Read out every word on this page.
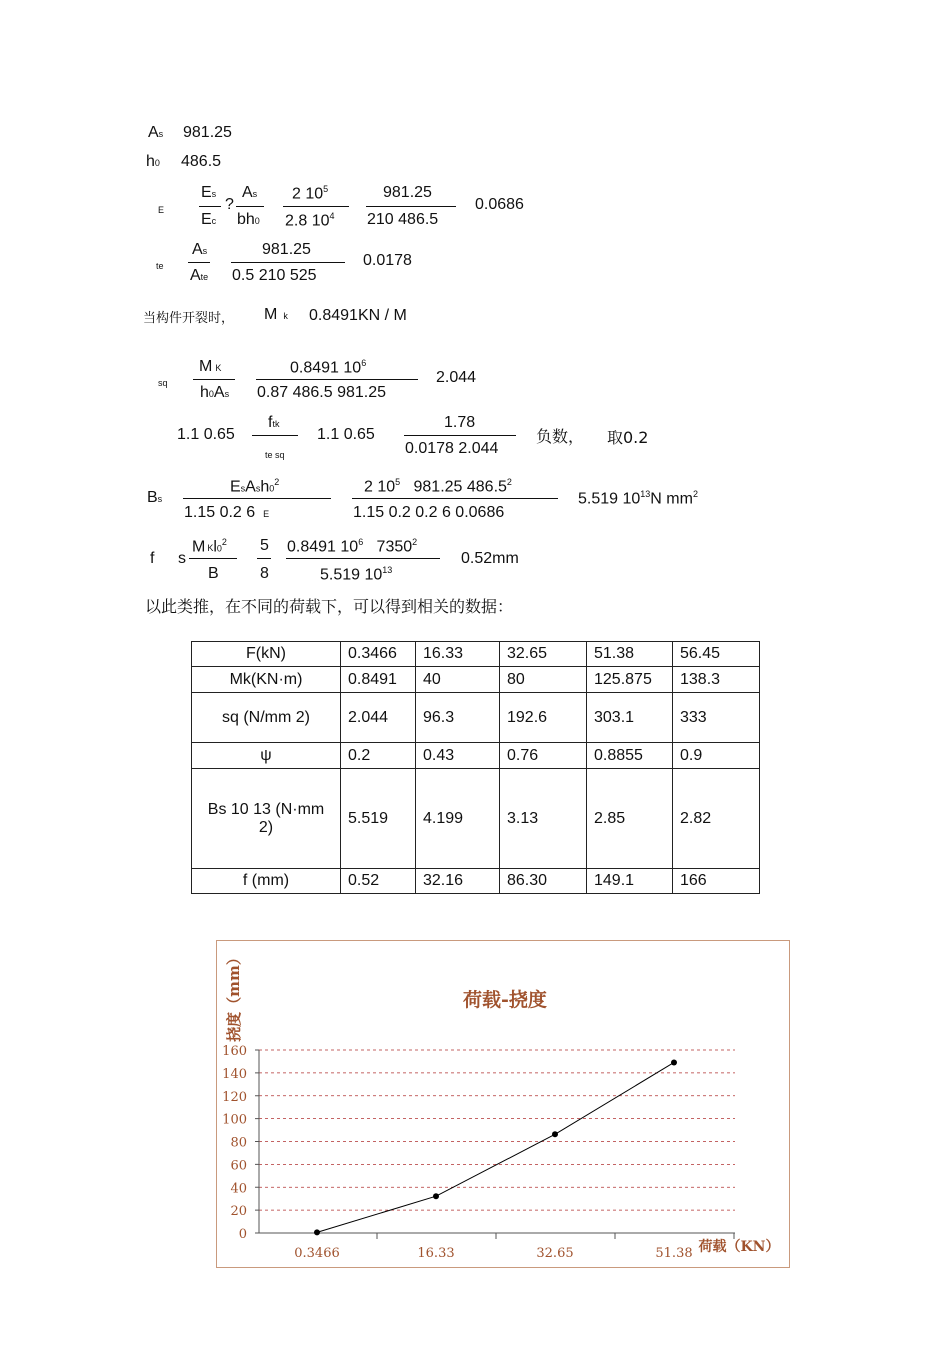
As 981.25
h0 486.5
E
Es
Ec
?
As
bh0
2 $10^5$
2.8 $10^4$
981.25
210 486.5
0.0686
te
As
Ate
981.25
0.5 210 525
0.0178
当构件开裂时， Mk 0.8491KN / M
sq
M K
h0As
0.8491 $10^6$
0.87 486.5 981.25
2.044
1.1 0.65
ftk
te sq
1.1 0.65
1.78
0.0178 2.044
负数， 取0.2
Bs
$EsAsh0^2$
1.15 0.2 6 E
2 $10^5$ 981.25 486.5$^2$
1.15 0.2 0.2 6 0.0686
5.519 $10^{13}N$ $mm^2$
f s
M $Kl0^2$
B
5
8
0.8491 $10^6$ 7350$^2$
5.519 $10^{13}$
0.52mm
以此类推，在不同的荷载下，可以得到相关的数据：
F(kN)	0.3466	16.33	32.65	51.38	56.45
Mk(KN·m)	0.8491	40	80	125.875	138.3
sq (N/mm 2)	2.044	96.3	192.6	303.1	333
ψ	0.2	0.43	0.76	0.8855	0.9
Bs 10 13 (N·mm 2)	5.519	4.199	3.13	2.85	2.82
f (mm)	0.52	32.16	86.30	149.1	166
0
20
40
60
80
100
120
140
160
0.3466	16.33	32.65	51.38
荷载-挠度
挠度（mm）
荷载（KN）
